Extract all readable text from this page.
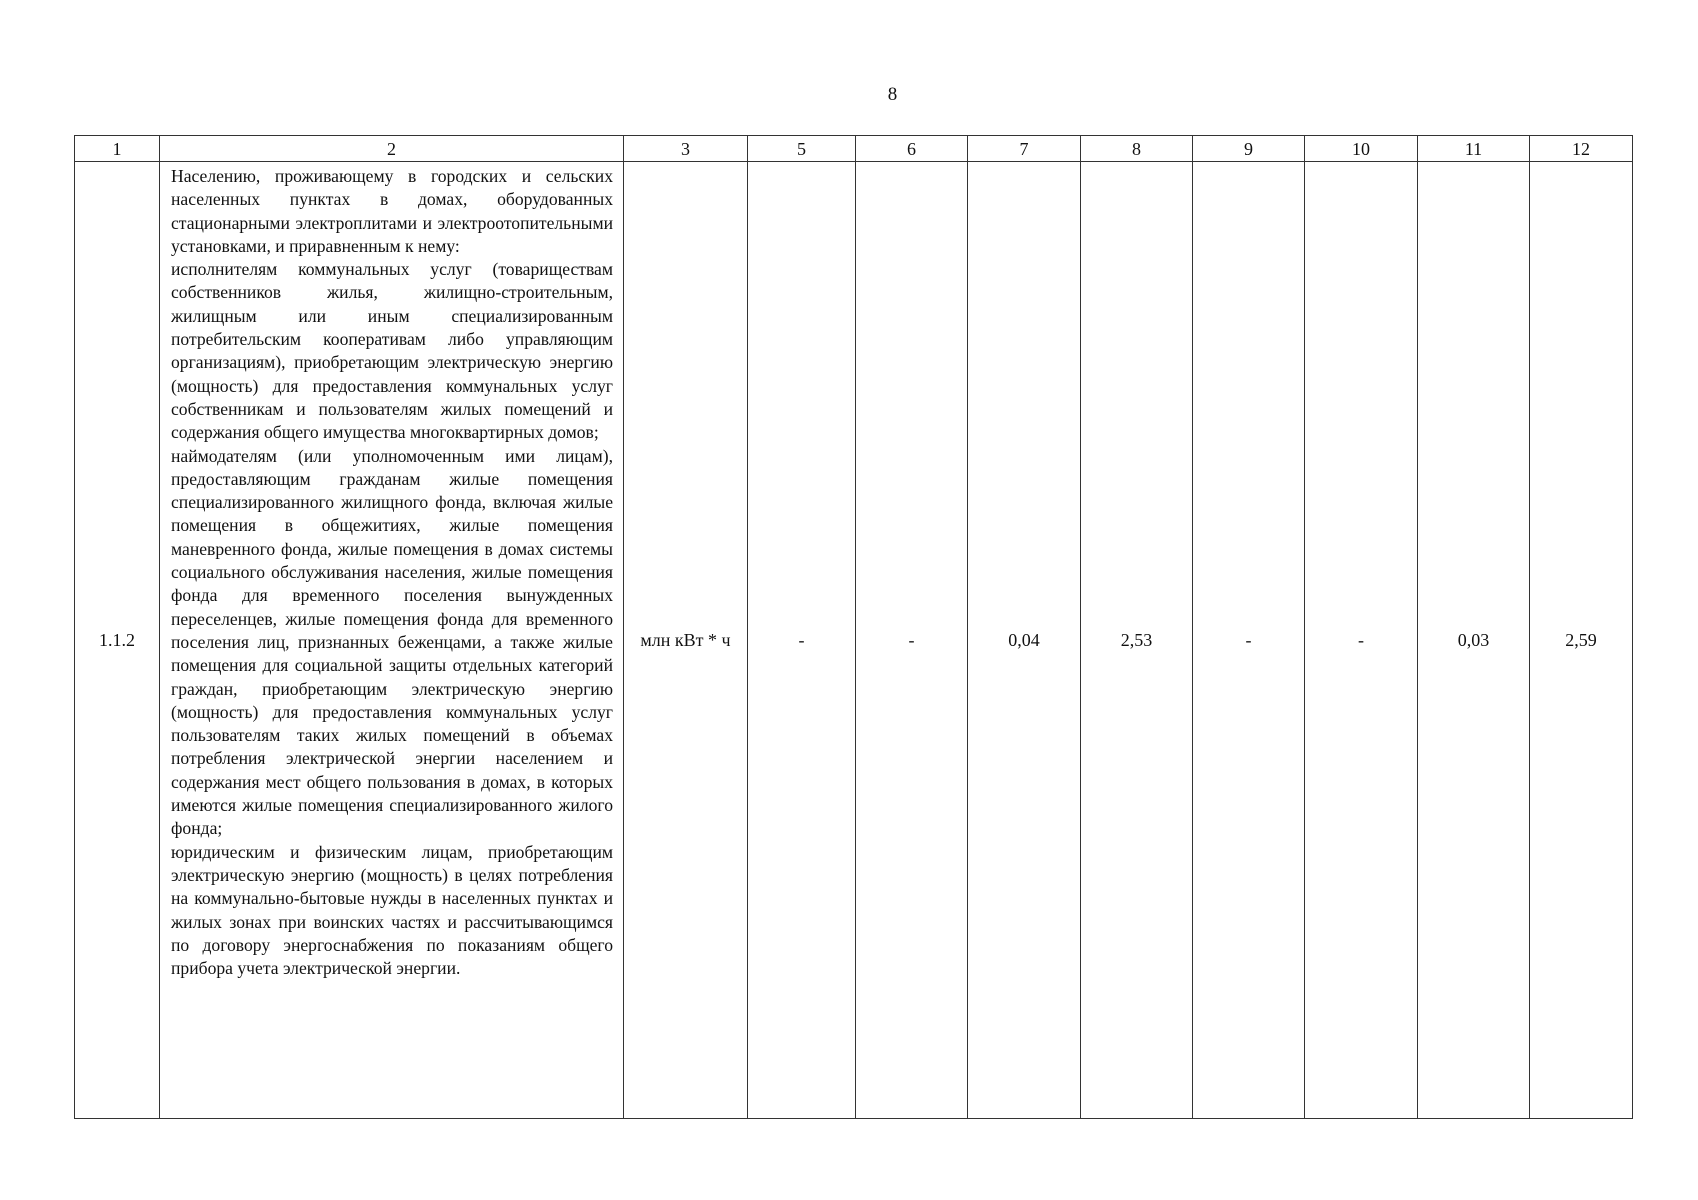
8
1	2	3	5	6	7	8	9	10	11	12
1.1.2	Населению, проживающему в городских и сельских населенных пунктах в домах, оборудованных стационарными электроплитами и электроотопительными установками, и приравненным к нему:

исполнителям коммунальных услуг (товариществам собственников жилья, жилищно-строительным, жилищным или иным специализированным потребительским кооперативам либо управляющим организациям), приобретающим электрическую энергию (мощность) для предоставления коммунальных услуг собственникам и пользователям жилых помещений и содержания общего имущества многоквартирных домов;

наймодателям (или уполномоченным ими лицам), предоставляющим гражданам жилые помещения специализированного жилищного фонда, включая жилые помещения в общежитиях, жилые помещения маневренного фонда, жилые помещения в домах системы социального обслуживания населения, жилые помещения фонда для временного поселения вынужденных переселенцев, жилые помещения фонда для временного поселения лиц, признанных беженцами, а также жилые помещения для социальной защиты отдельных категорий граждан, приобретающим электрическую энергию (мощность) для предоставления коммунальных услуг пользователям таких жилых помещений в объемах потребления электрической энергии населением и содержания мест общего пользования в домах, в которых имеются жилые помещения специализированного жилого фонда;

юридическим и физическим лицам, приобретающим электрическую энергию (мощность) в целях потребления на коммунально-бытовые нужды в населенных пунктах и жилых зонах при воинских частях и рассчитывающимся по договору энергоснабжения по показаниям общего прибора учета электрической энергии.	млн кВт * ч	-	-	0,04	2,53	-	-	0,03	2,59
